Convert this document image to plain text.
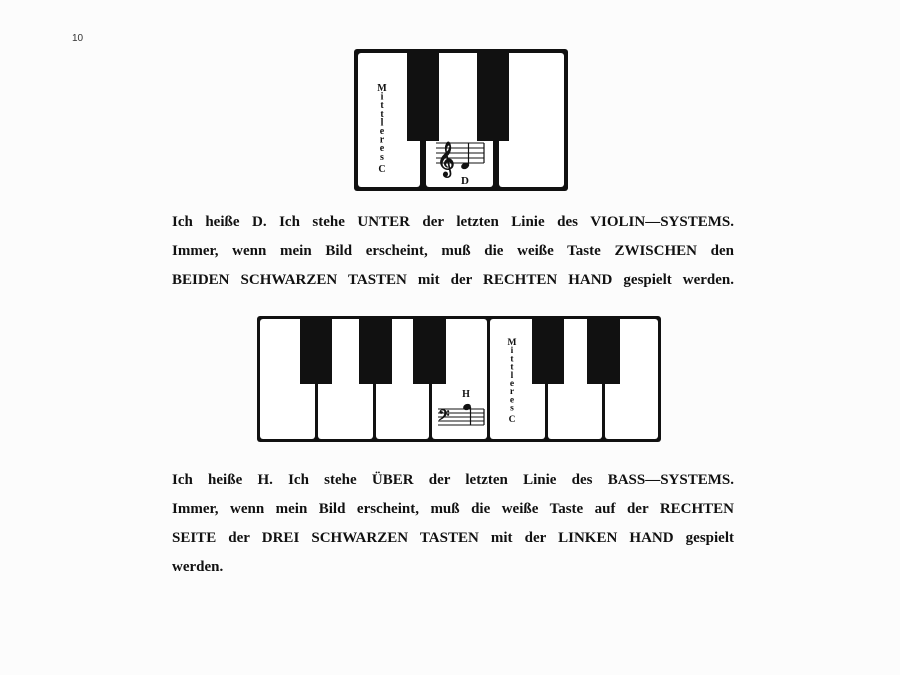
10
M i t t l e r e s C 𝄞
D
Ich heiße D. Ich stehe UNTER der letzten Linie des VIOLIN—SYSTEMS.
Immer, wenn mein Bild erscheint, muß die weiße Taste ZWISCHEN den
BEIDEN SCHWARZEN TASTEN mit der RECHTEN HAND gespielt werden.
M i t t l e r e s C
𝄢
H
Ich heiße H. Ich stehe ÜBER der letzten Linie des BASS—SYSTEMS.
Immer, wenn mein Bild erscheint, muß die weiße Taste auf der RECHTEN
SEITE der DREI SCHWARZEN TASTEN mit der LINKEN HAND gespielt
werden.
